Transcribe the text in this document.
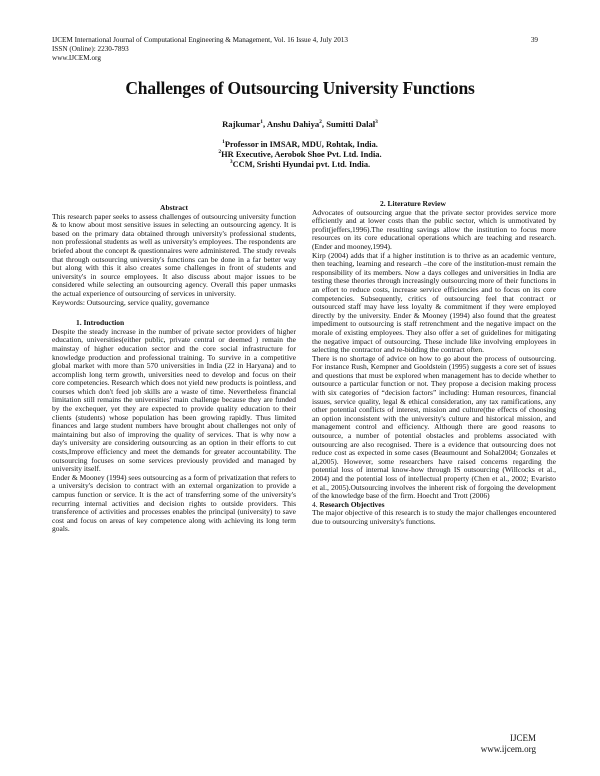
IJCEM International Journal of Computational Engineering & Management, Vol. 16 Issue 4, July 2013
ISSN (Online): 2230-7893
www.IJCEM.org
39
Challenges of Outsourcing University Functions
Rajkumar$^1$, Anshu Dahiya$^2$, Sumitti Dalal$^3$
$^1$Professor in IMSAR, MDU, Rohtak, India.
$^2$HR Executive, Aerobok Shoe Pvt. Ltd. India.
$^3$CCM, Srishti Hyundai pvt. Ltd. India.

Abstract

This research paper seeks to assess challenges of outsourcing university function & to know about most sensitive issues in selecting an outsourcing agency. It is based on the primary data obtained through university's professional students, non professional students as well as university's employees. The respondents are briefed about the concept & questionnaires were administered. The study reveals that through outsourcing university's functions can be done in a far better way but along with this it also creates some challenges in front of students and university's in source employees. It also discuss about major issues to be considered while selecting an outsourcing agency. Overall this paper unmasks the actual experience of outsourcing of services in university.

Keywords: Outsourcing, service quality, governance

1. Introduction

Despite the steady increase in the number of private sector providers of higher education, universities(either public, private central or deemed ) remain the mainstay of higher education sector and the core social infrastructure for knowledge production and professional training. To survive in a competitive global market with more than 570 universities in India (22 in Haryana) and to accomplish long term growth, universities need to develop and focus on their core competencies. Research which does not yield new products is pointless, and courses which don't feed job skills are a waste of time. Nevertheless financial limitation still remains the universities' main challenge because they are funded by the exchequer, yet they are expected to provide quality education to their clients (students) whose population has been growing rapidly. Thus limited finances and large student numbers have brought about challenges not only of maintaining but also of improving the quality of services. That is why now a day's university are considering outsourcing as an option in their efforts to cut costs,Improve efficiency and meet the demands for greater accountability. The outsourcing focuses on some services previously provided and managed by university itself.

Ender & Mooney (1994) sees outsourcing as a form of privatization that refers to a university's decision to contract with an external organization to provide a campus function or service. It is the act of transferring some of the university's recurring internal activities and decision rights to outside providers. This transference of activities and processes enables the principal (university) to save cost and focus on areas of key competence along with achieving its long term goals.

2. Literature Review

Advocates of outsourcing argue that the private sector provides service more efficiently and at lower costs than the public sector, which is unmotivated by profit(jeffers,1996).The resulting savings allow the institution to focus more resources on its core educational operations which are teaching and research.(Ender and mooney,1994).

Kirp (2004) adds that if a higher institution is to thrive as an academic venture, then teaching, learning and research –the core of the institution-must remain the responsibility of its members. Now a days colleges and universities in India are testing these theories through increasingly outsourcing more of their functions in an effort to reduce costs, increase service efficiencies and to focus on its core competencies. Subsequently, critics of outsourcing feel that contract or outsourced staff may have less loyalty & commitment if they were employed directly by the university. Ender & Mooney (1994) also found that the greatest impediment to outsourcing is staff retrenchment and the negative impact on the morale of existing employees. They also offer a set of guidelines for mitigating the negative impact of outsourcing. These include like involving employees in selecting the contractor and re-bidding the contract often.

There is no shortage of advice on how to go about the process of outsourcing. For instance Rush, Kempner and Gooldstein (1995) suggests a core set of issues and questions that must be explored when management has to decide whether to outsource a particular function or not. They propose a decision making process with six categories of “decision factors” including: Human resources, financial issues, service quality, legal & ethical consideration, any tax ramifications, any other potential conflicts of interest, mission and culture(the effects of choosing an option inconsistent with the university's culture and historical mission, and management control and efficiency. Although there are good reasons to outsource, a number of potential obstacles and problems associated with outsourcing are also recognised. There is a evidence that outsourcing does not reduce cost as expected in some cases (Beaumount and Sohal2004; Gonzales et al,2005). However, some researchers have raised concerns regarding the potential loss of internal know-how through IS outsourcing (Willcocks et al., 2004) and the potential loss of intellectual property (Chen et al., 2002; Evaristo et al., 2005).Outsourcing involves the inherent risk of forgoing the development of the knowledge base of the firm. Hoecht and Trott (2006)

4. Research Objectives

The major objective of this research is to study the major challenges encountered due to outsourcing university's functions.

IJCEM
www.ijcem.org
